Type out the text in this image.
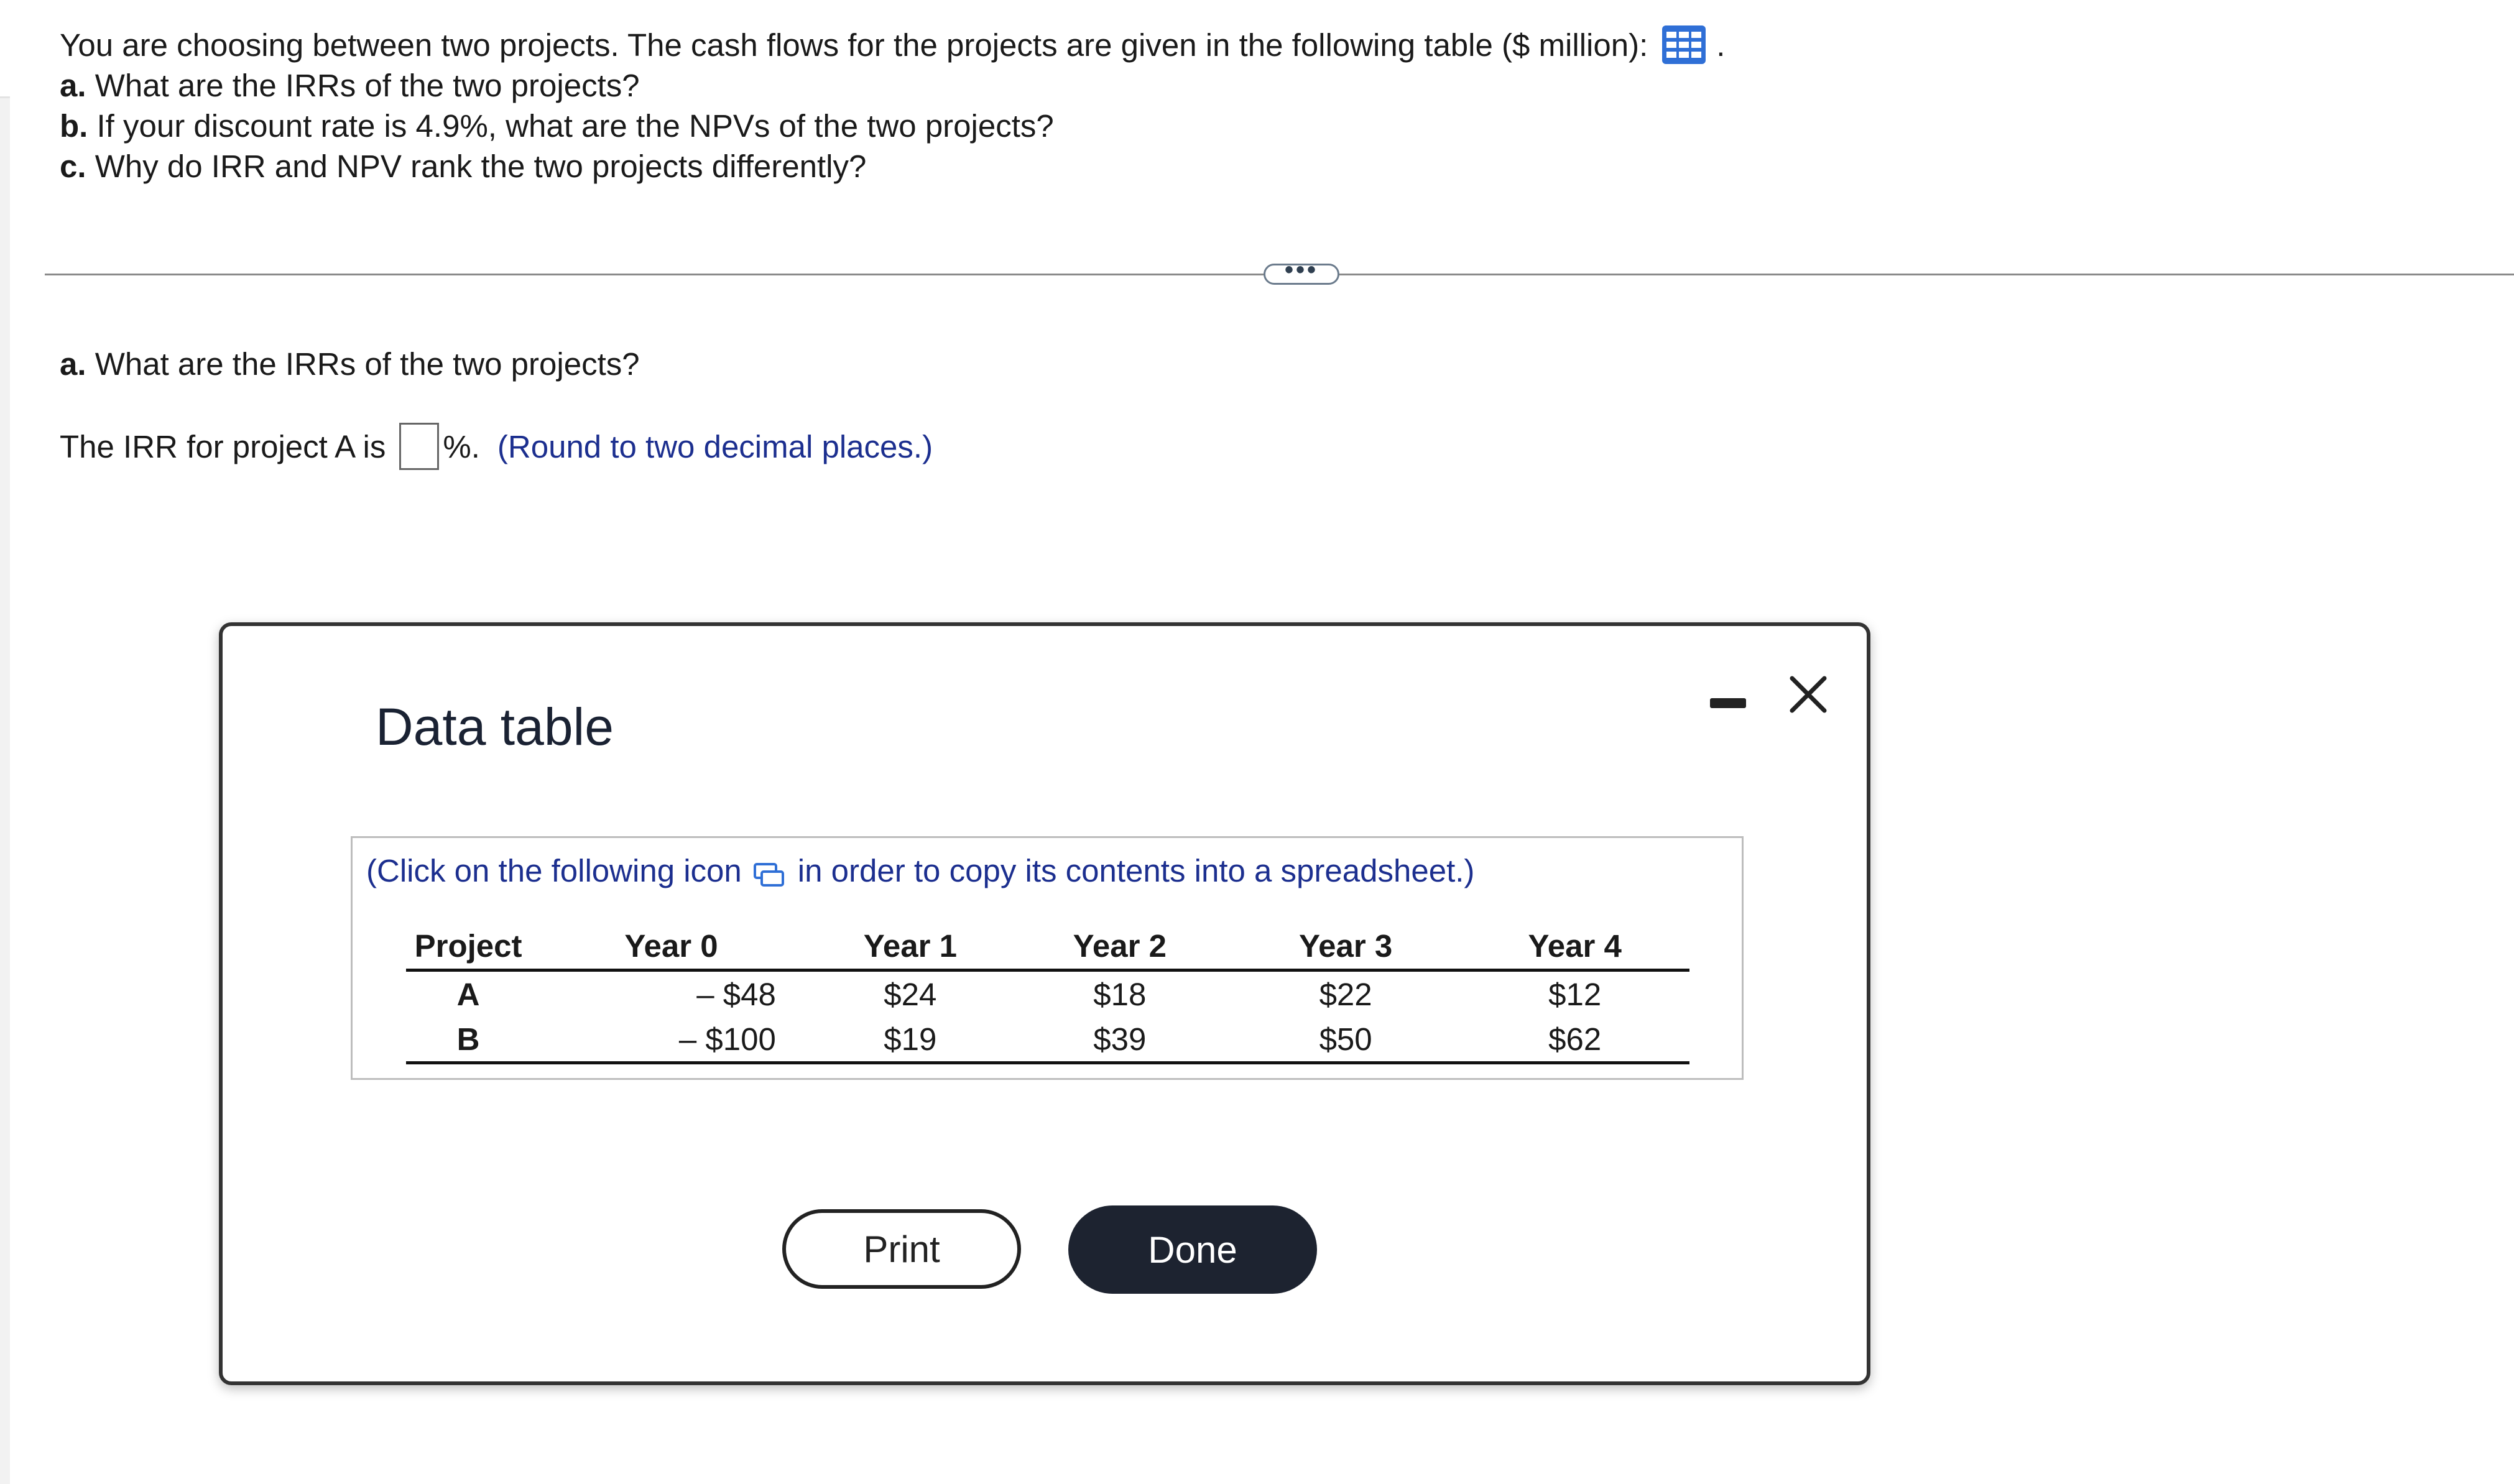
You are choosing between two projects. The cash flows for the projects are given in the following table ($ million): .
a. What are the IRRs of the two projects?
b. If your discount rate is 4.9%, what are the NPVs of the two projects?
c. Why do IRR and NPV rank the two projects differently?
•••
a. What are the IRRs of the two projects?
The IRR for project A is %. (Round to two decimal places.)
Data table
(Click on the following icon in order to copy its contents into a spreadsheet.)
Project	Year 0	Year 1	Year 2	Year 3	Year 4
A	– $48	$24	$18	$22	$12
B	– $100	$19	$39	$50	$62
Print	Done
